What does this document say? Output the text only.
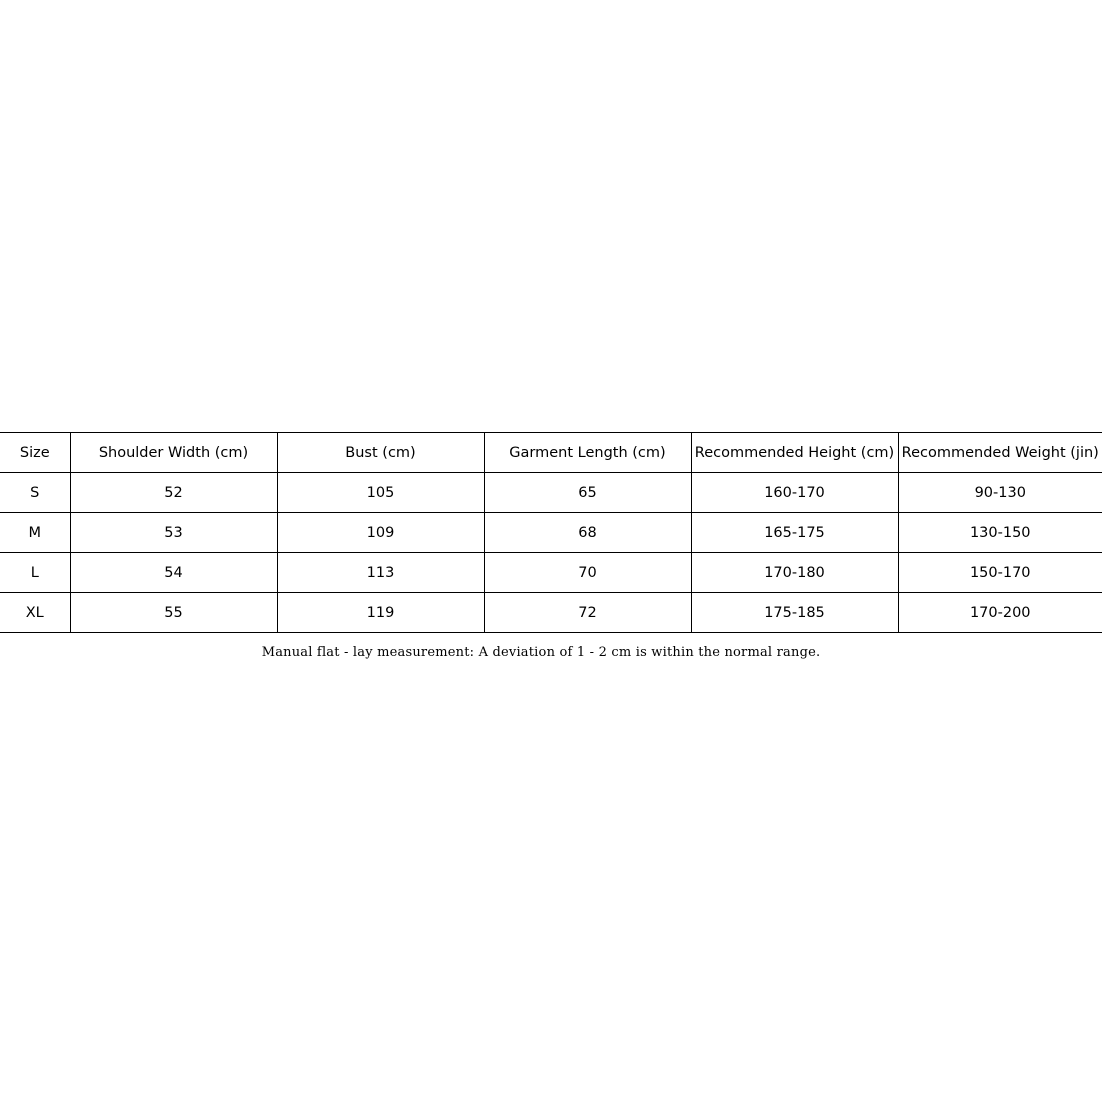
Size	Shoulder Width (cm)	Bust (cm)	Garment Length (cm)	Recommended Height (cm)	Recommended Weight (jin)
S	52	105	65	160-170	90-130
M	53	109	68	165-175	130-150
L	54	113	70	170-180	150-170
XL	55	119	72	175-185	170-200
Manual flat - lay measurement: A deviation of 1 - 2 cm is within the normal range.
